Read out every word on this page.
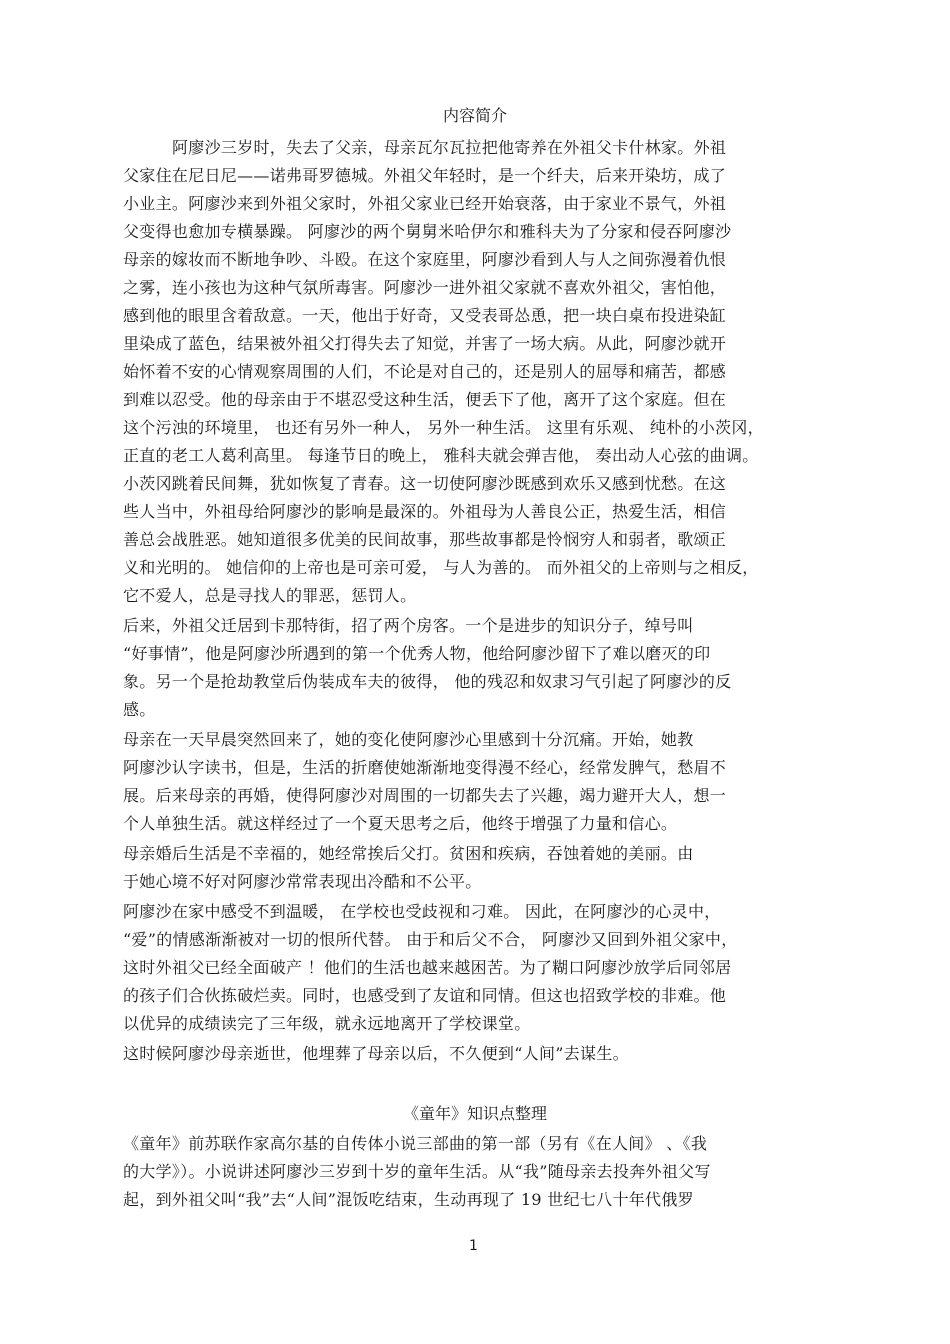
内容简介
阿廖沙三岁时，失去了父亲，母亲瓦尔瓦拉把他寄养在外祖父卡什林家。外祖
父家住在尼日尼——诺弗哥罗德城。外祖父年轻时，是一个纤夫，后来开染坊，成了
小业主。阿廖沙来到外祖父家时，外祖父家业已经开始衰落，由于家业不景气，外祖
父变得也愈加专横暴躁。 阿廖沙的两个舅舅米哈伊尔和雅科夫为了分家和侵吞阿廖沙
母亲的嫁妆而不断地争吵、斗殴。在这个家庭里，阿廖沙看到人与人之间弥漫着仇恨
之雾，连小孩也为这种气氛所毒害。阿廖沙一进外祖父家就不喜欢外祖父，害怕他，
感到他的眼里含着敌意。一天，他出于好奇，又受表哥怂恿，把一块白桌布投进染缸
里染成了蓝色，结果被外祖父打得失去了知觉，并害了一场大病。从此，阿廖沙就开
始怀着不安的心情观察周围的人们，不论是对自己的，还是别人的屈辱和痛苦，都感
到难以忍受。他的母亲由于不堪忍受这种生活，便丢下了他，离开了这个家庭。但在
这个污浊的环境里， 也还有另外一种人， 另外一种生活。 这里有乐观、 纯朴的小茨冈，
正直的老工人葛利高里。 每逢节日的晚上， 雅科夫就会弹吉他， 奏出动人心弦的曲调。
小茨冈跳着民间舞，犹如恢复了青春。这一切使阿廖沙既感到欢乐又感到忧愁。在这
些人当中，外祖母给阿廖沙的影响是最深的。外祖母为人善良公正，热爱生活，相信
善总会战胜恶。她知道很多优美的民间故事，那些故事都是怜悯穷人和弱者，歌颂正
义和光明的。 她信仰的上帝也是可亲可爱， 与人为善的。 而外祖父的上帝则与之相反，
它不爱人，总是寻找人的罪恶，惩罚人。
后来，外祖父迁居到卡那特街，招了两个房客。一个是进步的知识分子，绰号叫
“好事情”，他是阿廖沙所遇到的第一个优秀人物，他给阿廖沙留下了难以磨灭的印
象。另一个是抢劫教堂后伪装成车夫的彼得， 他的残忍和奴隶习气引起了阿廖沙的反
感。
母亲在一天早晨突然回来了，她的变化使阿廖沙心里感到十分沉痛。开始，她教
阿廖沙认字读书，但是，生活的折磨使她渐渐地变得漫不经心，经常发脾气，愁眉不
展。后来母亲的再婚，使得阿廖沙对周围的一切都失去了兴趣，竭力避开大人，想一
个人单独生活。就这样经过了一个夏天思考之后，他终于增强了力量和信心。
母亲婚后生活是不幸福的，她经常挨后父打。贫困和疾病，吞蚀着她的美丽。由
于她心境不好对阿廖沙常常表现出冷酷和不公平。
阿廖沙在家中感受不到温暖， 在学校也受歧视和刁难。 因此，在阿廖沙的心灵中，
“爱”的情感渐渐被对一切的恨所代替。 由于和后父不合， 阿廖沙又回到外祖父家中，
这时外祖父已经全面破产 ！他们的生活也越来越困苦。为了糊口阿廖沙放学后同邻居
的孩子们合伙拣破烂卖。同时，也感受到了友谊和同情。但这也招致学校的非难。他
以优异的成绩读完了三年级，就永远地离开了学校课堂。
这时候阿廖沙母亲逝世，他埋葬了母亲以后，不久便到“人间”去谋生。
《童年》知识点整理
《童年》前苏联作家高尔基的自传体小说三部曲的第一部（另有《在人间》 、《我
的大学》）。小说讲述阿廖沙三岁到十岁的童年生活。从“我”随母亲去投奔外祖父写
起，到外祖父叫“我”去“人间”混饭吃结束，生动再现了 19 世纪七八十年代俄罗
1
